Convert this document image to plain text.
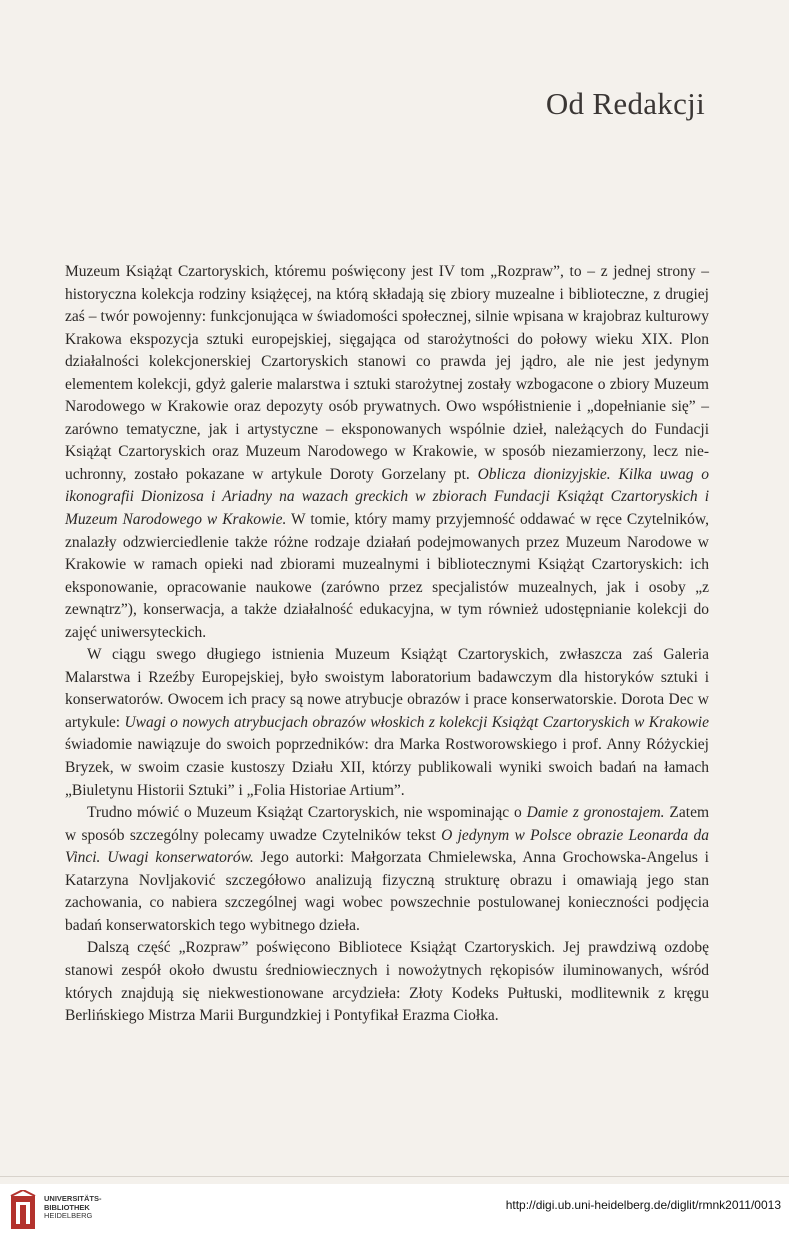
Od Redakcji

Muzeum Książąt Czartoryskich, któremu poświęcony jest IV tom „Rozpraw”, to – z jednej strony – historyczna kolekcja rodziny książęcej, na którą składają się zbiory muzealne i biblioteczne, z drugiej zaś – twór powojenny: funkcjonująca w świadomości społecznej, silnie wpisana w krajobraz kulturowy Krakowa ekspozycja sztuki europejskiej, sięgająca od starożytności do połowy wieku XIX. Plon działalności kolekcjonerskiej Czartoryskich stanowi co prawda jej jądro, ale nie jest jedynym elementem kolekcji, gdyż galerie malarstwa i sztuki starożytnej zostały wzbogacone o zbiory Muzeum Narodowego w Krakowie oraz depozyty osób prywatnych. Owo współistnienie i „dopełnianie się” – zarówno tematyczne, jak i artystyczne – eksponowanych wspólnie dzieł, należących do Fundacji Książąt Czartoryskich oraz Muzeum Narodowego w Krakowie, w sposób niezamierzony, lecz nieuchronny, zostało pokazane w artykule Doroty Gorzelany pt. Oblicza dionizyjskie. Kilka uwag o ikonografii Dionizosa i Ariadny na wazach greckich w zbiorach Fundacji Książąt Czartoryskich i Muzeum Narodowego w Krakowie. W tomie, który mamy przyjemność oddawać w ręce Czytelników, znalazły odzwierciedlenie także różne rodzaje działań podejmowanych przez Muzeum Narodowe w Krakowie w ramach opieki nad zbiorami muzealnymi i bibliotecznymi Książąt Czartoryskich: ich eksponowanie, opracowanie naukowe (zarówno przez specjalistów muzealnych, jak i osoby „z zewnątrz”), konserwacja, a także działalność edukacyjna, w tym również udostępnianie kolekcji do zajęć uniwersyteckich.

W ciągu swego długiego istnienia Muzeum Książąt Czartoryskich, zwłaszcza zaś Galeria Malarstwa i Rzeźby Europejskiej, było swoistym laboratorium badawczym dla historyków sztuki i konserwatorów. Owocem ich pracy są nowe atrybucje obrazów i prace konserwatorskie. Dorota Dec w artykule: Uwagi o nowych atrybucjach obrazów włoskich z kolekcji Książąt Czartoryskich w Krakowie świadomie nawiązuje do swoich poprzedników: dra Marka Rostworowskiego i prof. Anny Różyckiej Bryzek, w swoim czasie kustoszy Działu XII, którzy publikowali wyniki swoich badań na łamach „Biuletynu Historii Sztuki” i „Folia Historiae Artium”.

Trudno mówić o Muzeum Książąt Czartoryskich, nie wspominając o Damie z gronostajem. Zatem w sposób szczególny polecamy uwadze Czytelników tekst O jedynym w Polsce obrazie Leonarda da Vinci. Uwagi konserwatorów. Jego autorki: Małgorzata Chmielewska, Anna Grochowska-Angelus i Katarzyna Novljaković szczegółowo analizują fizyczną strukturę obrazu i omawiają jego stan zachowania, co nabiera szczególnej wagi wobec powszechnie postulowanej konieczności podjęcia badań konserwatorskich tego wybitnego dzieła.

Dalszą część „Rozpraw” poświęcono Bibliotece Książąt Czartoryskich. Jej prawdziwą ozdobę stanowi zespół około dwustu średniowiecznych i nowożytnych rękopisów iluminowanych, wśród których znajdują się niekwestionowane arcydzieła: Złoty Kodeks Pułtuski, modlitewnik z kręgu Berlińskiego Mistrza Marii Burgundzkiej i Pontyfikał Erazma Ciołka.

UNIVERSITÄTS-
BIBLIOTHEK
HEIDELBERG
http://digi.ub.uni-heidelberg.de/diglit/rmnk2011/0013
